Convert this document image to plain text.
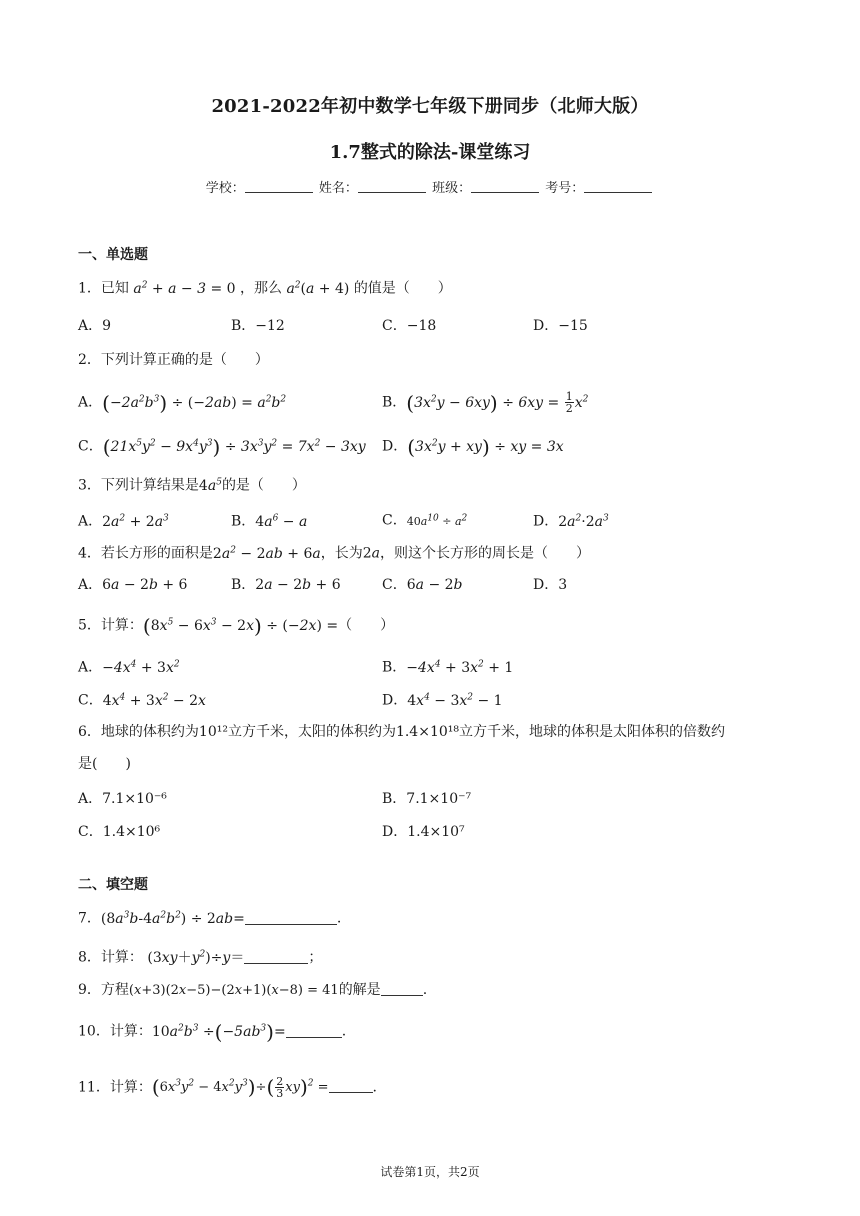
2021-2022年初中数学七年级下册同步（北师大版）
1.7整式的除法-课堂练习
学校：	姓名：	班级：	考号：
一、单选题
1．已知 $a^2 + a - 3 = 0$ ，那么 $a^2(a + 4)$ 的值是（　　）
A．9	B．−12	C．−18	D．−15
2．下列计算正确的是（　　）
A．$(-2a^2b^3) \div (-2ab) = a^2b^2$	B．$(3x^2y - 6xy) \div 6xy = \frac{1}{2} x^2$
C．$(21x^5y^2 - 9x^4y^3) \div 3x^3y^2 = 7x^2 - 3xy$ D．$(3x^2y + xy)$ ÷ xy = 3x
3．下列计算结果是$4a^5$的是（　　）
A．$2a^2 + 2a^3$	B．$4a^6 - a$	C．$40a^{10} \div a^2$	D．$2a^2\cdot 2a^3$
4．若长方形的面积是$2a^2 - 2ab + 6a$，长为2a，则这个长方形的周长是（　　）
A．6a − 2b + 6	B．2a − 2b + 6	C．6a − 2b	D．3
5．计算：$(8x^5 - 6x^3 - 2x) \div (-2x)$ =（　　）
A．$-4x^4 + 3x^2$	B．$-4x^4 + 3x^2 + 1$
C．$4x^4 + 3x^2 - 2x$	D．$4x^4 - 3x^2 - 1$
6．地球的体积约为10¹²立方千米，太阳的体积约为1.4×10¹⁸立方千米，地球的体积是太阳体积的倍数约
是(　　)
A．7.1×10⁻⁶	B．7.1×10⁻⁷
C．1.4×10⁶	D．1.4×10⁷
二、填空题
7．$(8a^3b-4a^2b^2) \div 2ab=$	.
8．计算： $(3xy+y^2)\div y=$	；
9．方程(x+3)(2x−5)−(2x+1)(x−8) = 41的解是	.
10．计算：$10a^2b^3 \div(-5ab^3)=$	.
11．计算：$(6x^3y^2 - 4x^2y^3)\div( \frac{2}{3} xy)^2$ =	.
试卷第1页，共2页
